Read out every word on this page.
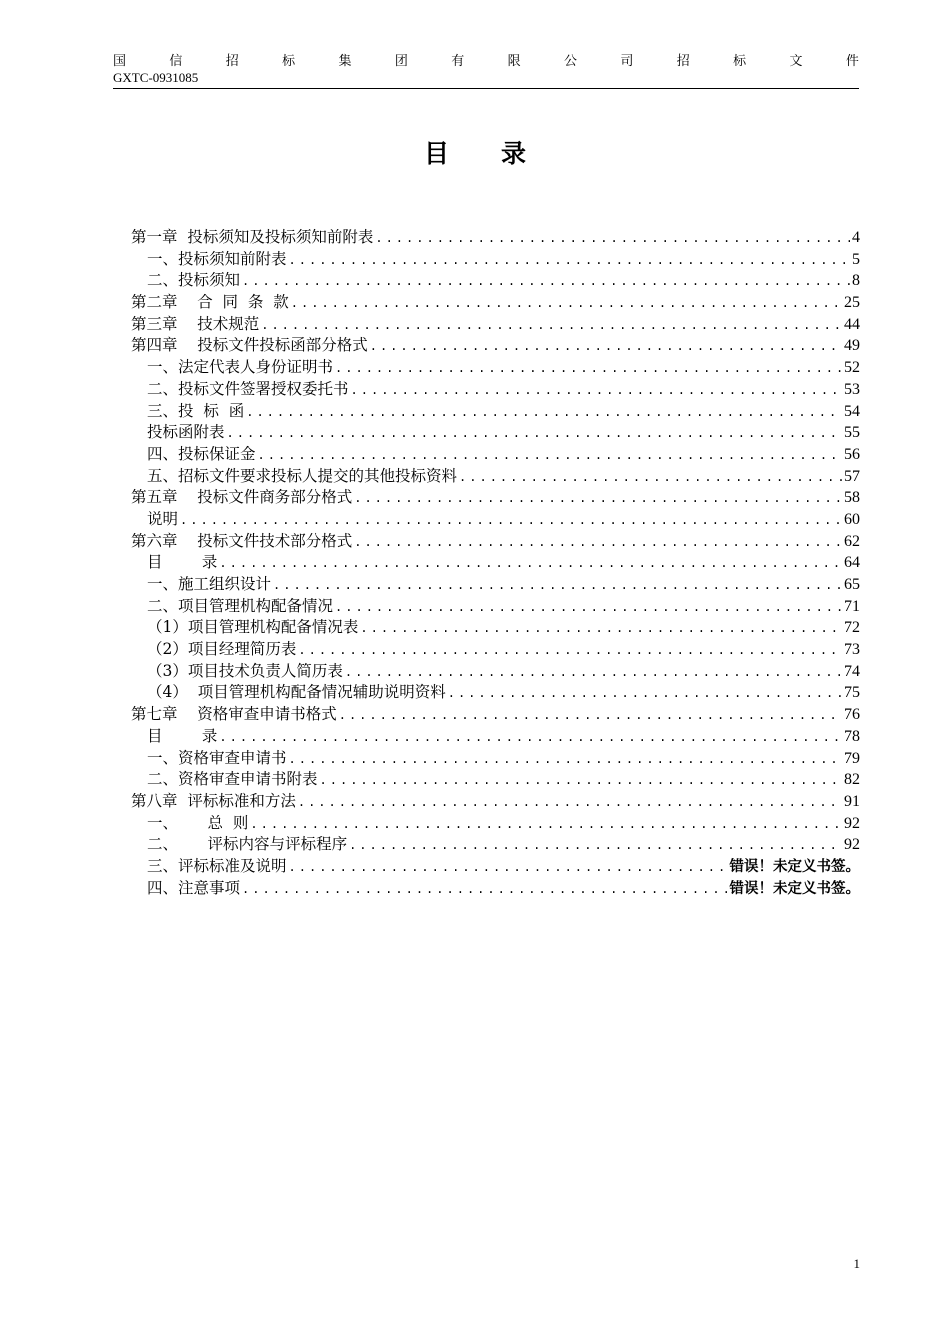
国	信	招	标	集	团	有	限	公	司	招	标	文	件
GXTC-0931085
目录
第一章  投标须知及投标须知前附表 .....	4
一、投标须知前附表 .....	5
二、投标须知 .....	8
第二章    合  同  条  款 .....	25
第三章    技术规范 .....	44
第四章    投标文件投标函部分格式 .....	49
一、法定代表人身份证明书 .....	52
二、投标文件签署授权委托书 .....	53
三、投  标  函 .....	54
投标函附表 .....	55
四、投标保证金 .....	56
五、招标文件要求投标人提交的其他投标资料 .....	57
第五章    投标文件商务部分格式 .....	58
说明 .....	60
第六章    投标文件技术部分格式 .....	62
目        录 .....	64
一、施工组织设计 .....	65
二、项目管理机构配备情况 .....	71
（1）项目管理机构配备情况表 .....	72
（2）项目经理简历表 .....	73
（3）项目技术负责人简历表 .....	74
（4）  项目管理机构配备情况辅助说明资料 .....	75
第七章    资格审查申请书格式 .....	76
目        录 .....	78
一、资格审查申请书 .....	79
二、资格审查申请书附表 .....	82
第八章  评标标准和方法 .....	91
一、      总  则 .....	92
二、      评标内容与评标程序 .....	92
三、评标标准及说明 .....	错误！未定义书签。
四、注意事项 .....	错误！未定义书签。
1
